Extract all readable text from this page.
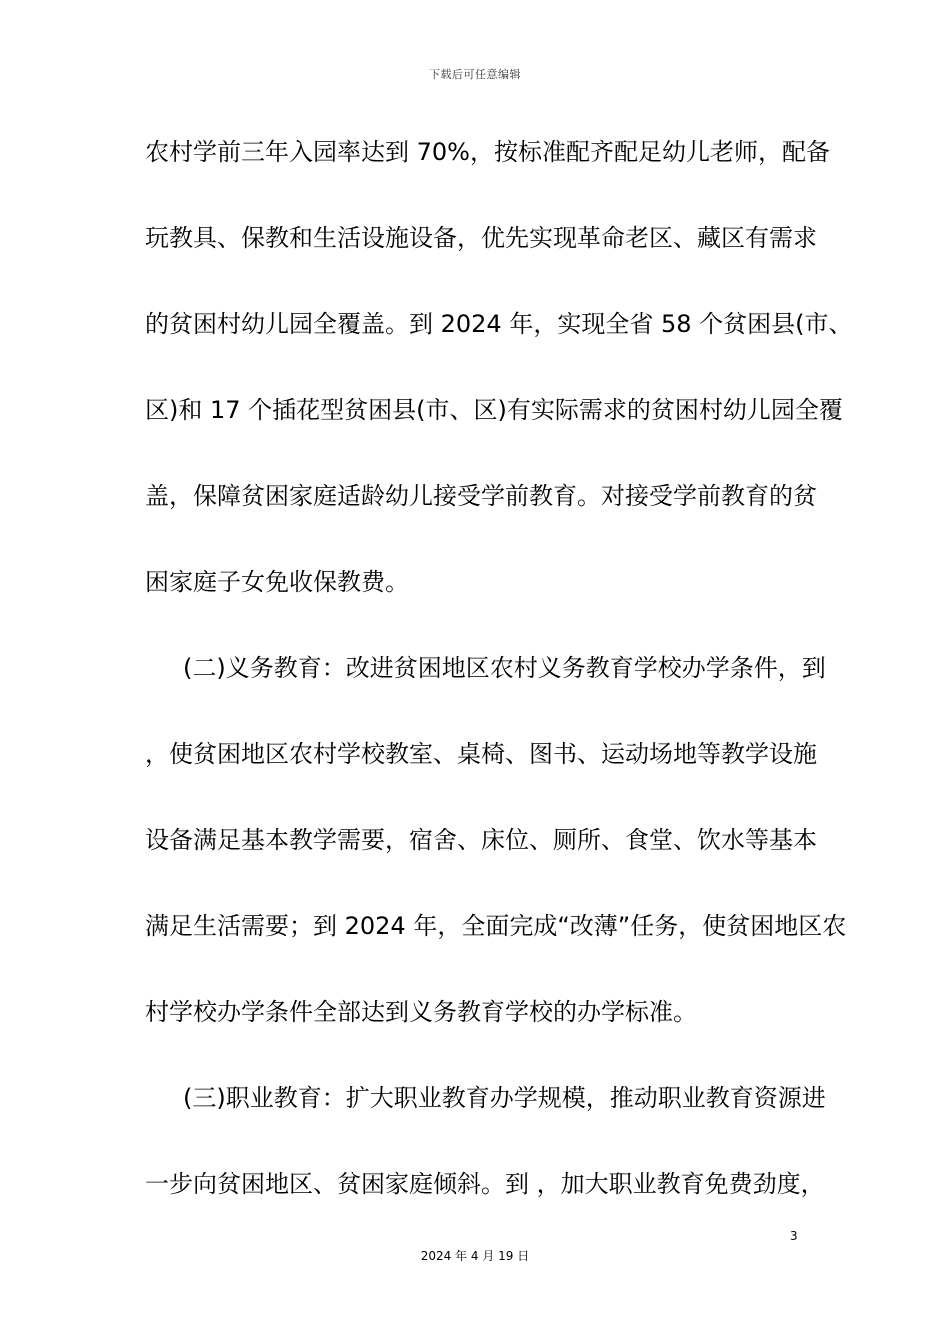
下载后可任意编辑
农村学前三年入园率达到 70%，按标准配齐配足幼儿老师，配备
玩教具、保教和生活设施设备，优先实现革命老区、藏区有需求
的贫困村幼儿园全覆盖。到 2024 年，实现全省 58 个贫困县(市、
区)和 17 个插花型贫困县(市、区)有实际需求的贫困村幼儿园全覆
盖，保障贫困家庭适龄幼儿接受学前教育。对接受学前教育的贫
困家庭子女免收保教费。
(二)义务教育：改进贫困地区农村义务教育学校办学条件，到
，使贫困地区农村学校教室、桌椅、图书、运动场地等教学设施
设备满足基本教学需要，宿舍、床位、厕所、食堂、饮水等基本
满足生活需要；到 2024 年，全面完成“改薄”任务，使贫困地区农
村学校办学条件全部达到义务教育学校的办学标准。
(三)职业教育：扩大职业教育办学规模，推动职业教育资源进
一步向贫困地区、贫困家庭倾斜。到 ，加大职业教育免费劲度，
3
2024 年 4 月 19 日
